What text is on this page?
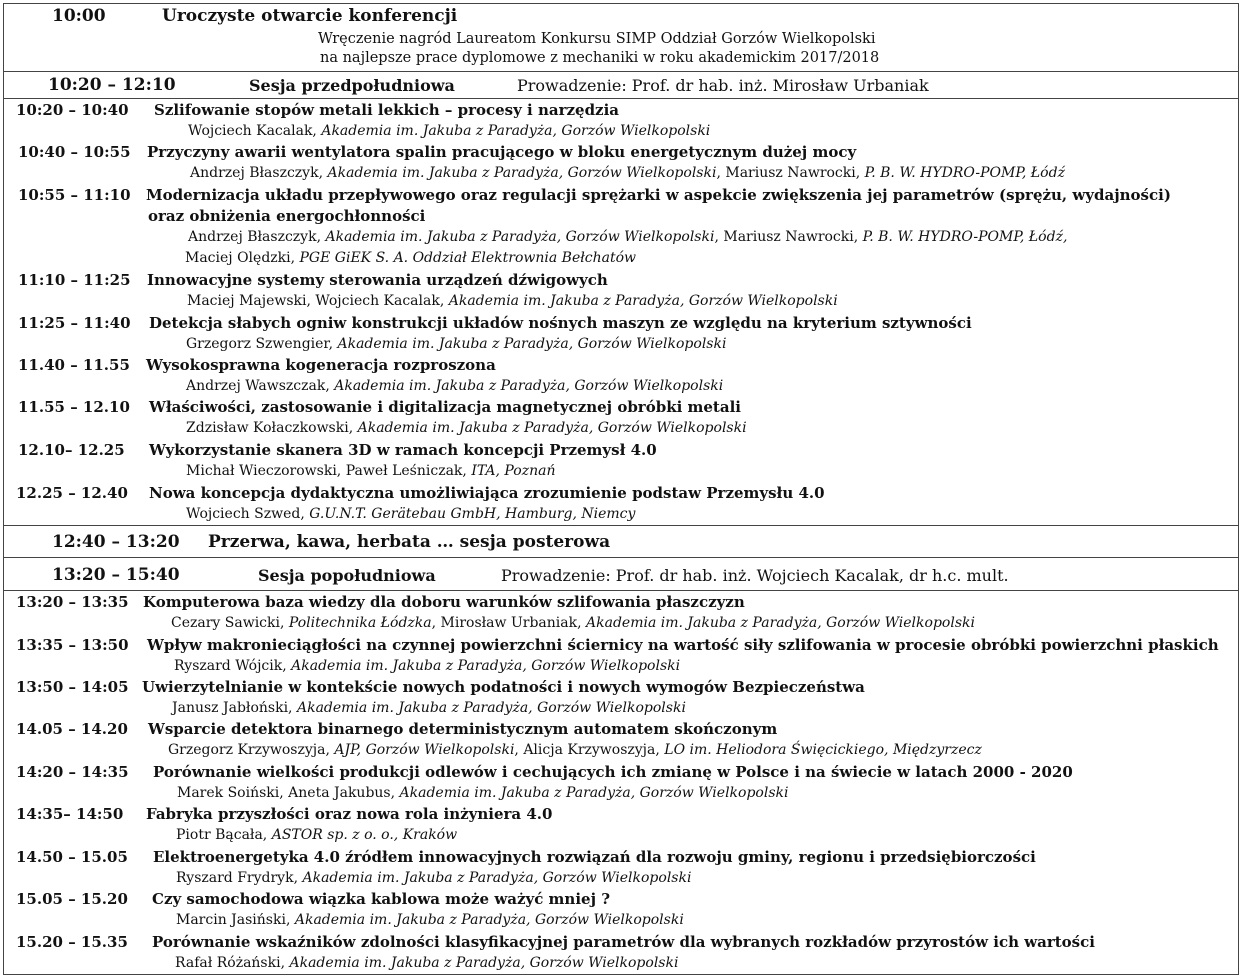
10:00	Uroczyste otwarcie konferencji
Wręczenie nagród Laureatom Konkursu SIMP Oddział Gorzów Wielkopolski
na najlepsze prace dyplomowe z mechaniki w roku akademickim 2017/2018
10:20 – 12:10	Sesja przedpołudniowa	Prowadzenie: Prof. dr hab. inż. Mirosław Urbaniak
10:20 – 10:40 Szlifowanie stopów metali lekkich – procesy i narzędzia
Wojciech Kacalak, Akademia im. Jakuba z Paradyża, Gorzów Wielkopolski
10:40 – 10:55 Przyczyny awarii wentylatora spalin pracującego w bloku energetycznym dużej mocy
Andrzej Błaszczyk, Akademia im. Jakuba z Paradyża, Gorzów Wielkopolski, Mariusz Nawrocki, P. B. W. HYDRO-POMP, Łódź
10:55 – 11:10 Modernizacja układu przepływowego oraz regulacji sprężarki w aspekcie zwiększenia jej parametrów (sprężu, wydajności)
oraz obniżenia energochłonności
Andrzej Błaszczyk, Akademia im. Jakuba z Paradyża, Gorzów Wielkopolski, Mariusz Nawrocki, P. B. W. HYDRO-POMP, Łódź,
Maciej Olędzki, PGE GiEK S. A. Oddział Elektrownia Bełchatów
11:10 – 11:25 Innowacyjne systemy sterowania urządzeń dźwigowych
Maciej Majewski, Wojciech Kacalak, Akademia im. Jakuba z Paradyża, Gorzów Wielkopolski
11:25 – 11:40 Detekcja słabych ogniw konstrukcji układów nośnych maszyn ze względu na kryterium sztywności
Grzegorz Szwengier, Akademia im. Jakuba z Paradyża, Gorzów Wielkopolski
11.40 – 11.55 Wysokosprawna kogeneracja rozproszona
Andrzej Wawszczak, Akademia im. Jakuba z Paradyża, Gorzów Wielkopolski
11.55 – 12.10 Właściwości, zastosowanie i digitalizacja magnetycznej obróbki metali
Zdzisław Kołaczkowski, Akademia im. Jakuba z Paradyża, Gorzów Wielkopolski
12.10– 12.25 Wykorzystanie skanera 3D w ramach koncepcji Przemysł 4.0
Michał Wieczorowski, Paweł Leśniczak, ITA, Poznań
12.25 – 12.40 Nowa koncepcja dydaktyczna umożliwiająca zrozumienie podstaw Przemysłu 4.0
Wojciech Szwed, G.U.N.T. Gerätebau GmbH, Hamburg, Niemcy
12:40 – 13:20 Przerwa, kawa, herbata … sesja posterowa
13:20 – 15:40	Sesja popołudniowa	Prowadzenie: Prof. dr hab. inż. Wojciech Kacalak, dr h.c. mult.
13:20 – 13:35 Komputerowa baza wiedzy dla doboru warunków szlifowania płaszczyzn
Cezary Sawicki, Politechnika Łódzka, Mirosław Urbaniak, Akademia im. Jakuba z Paradyża, Gorzów Wielkopolski
13:35 – 13:50 Wpływ makronieciągłości na czynnej powierzchni ściernicy na wartość siły szlifowania w procesie obróbki powierzchni płaskich
Ryszard Wójcik, Akademia im. Jakuba z Paradyża, Gorzów Wielkopolski
13:50 – 14:05 Uwierzytelnianie w kontekście nowych podatności i nowych wymogów Bezpieczeństwa
Janusz Jabłoński, Akademia im. Jakuba z Paradyża, Gorzów Wielkopolski
14.05 – 14.20 Wsparcie detektora binarnego deterministycznym automatem skończonym
Grzegorz Krzywoszyja, AJP, Gorzów Wielkopolski, Alicja Krzywoszyja, LO im. Heliodora Święcickiego, Międzyrzecz
14:20 – 14:35 Porównanie wielkości produkcji odlewów i cechujących ich zmianę w Polsce i na świecie w latach 2000 - 2020
Marek Soiński, Aneta Jakubus, Akademia im. Jakuba z Paradyża, Gorzów Wielkopolski
14:35– 14:50 Fabryka przyszłości oraz nowa rola inżyniera 4.0
Piotr Bącała, ASTOR sp. z o. o., Kraków
14.50 – 15.05 Elektroenergetyka 4.0 źródłem innowacyjnych rozwiązań dla rozwoju gminy, regionu i przedsiębiorczości
Ryszard Frydryk, Akademia im. Jakuba z Paradyża, Gorzów Wielkopolski
15.05 – 15.20 Czy samochodowa wiązka kablowa może ważyć mniej ?
Marcin Jasiński, Akademia im. Jakuba z Paradyża, Gorzów Wielkopolski
15.20 – 15.35 Porównanie wskaźników zdolności klasyfikacyjnej parametrów dla wybranych rozkładów przyrostów ich wartości
Rafał Różański, Akademia im. Jakuba z Paradyża, Gorzów Wielkopolski
